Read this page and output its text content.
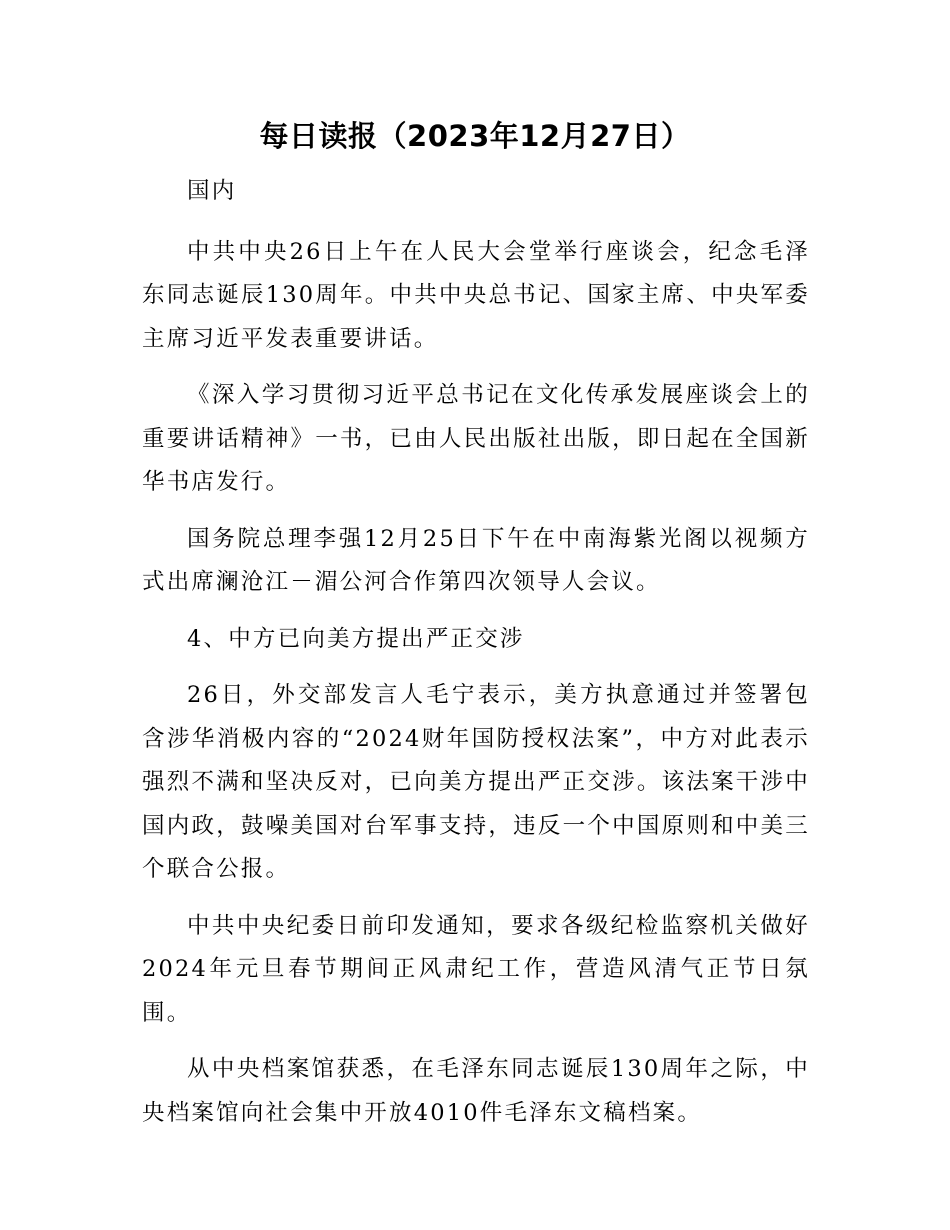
每日读报（2023年12月27日）

国内

中共中央26日上午在人民大会堂举行座谈会，纪念毛泽东同志诞辰130周年。中共中央总书记、国家主席、中央军委主席习近平发表重要讲话。

《深入学习贯彻习近平总书记在文化传承发展座谈会上的重要讲话精神》一书，已由人民出版社出版，即日起在全国新华书店发行。

国务院总理李强12月25日下午在中南海紫光阁以视频方式出席澜沧江－湄公河合作第四次领导人会议。

4、中方已向美方提出严正交涉

26日，外交部发言人毛宁表示，美方执意通过并签署包含涉华消极内容的“2024财年国防授权法案”，中方对此表示强烈不满和坚决反对，已向美方提出严正交涉。该法案干涉中国内政，鼓噪美国对台军事支持，违反一个中国原则和中美三个联合公报。

中共中央纪委日前印发通知，要求各级纪检监察机关做好2024年元旦春节期间正风肃纪工作，营造风清气正节日氛围。

从中央档案馆获悉，在毛泽东同志诞辰130周年之际，中央档案馆向社会集中开放4010件毛泽东文稿档案。
